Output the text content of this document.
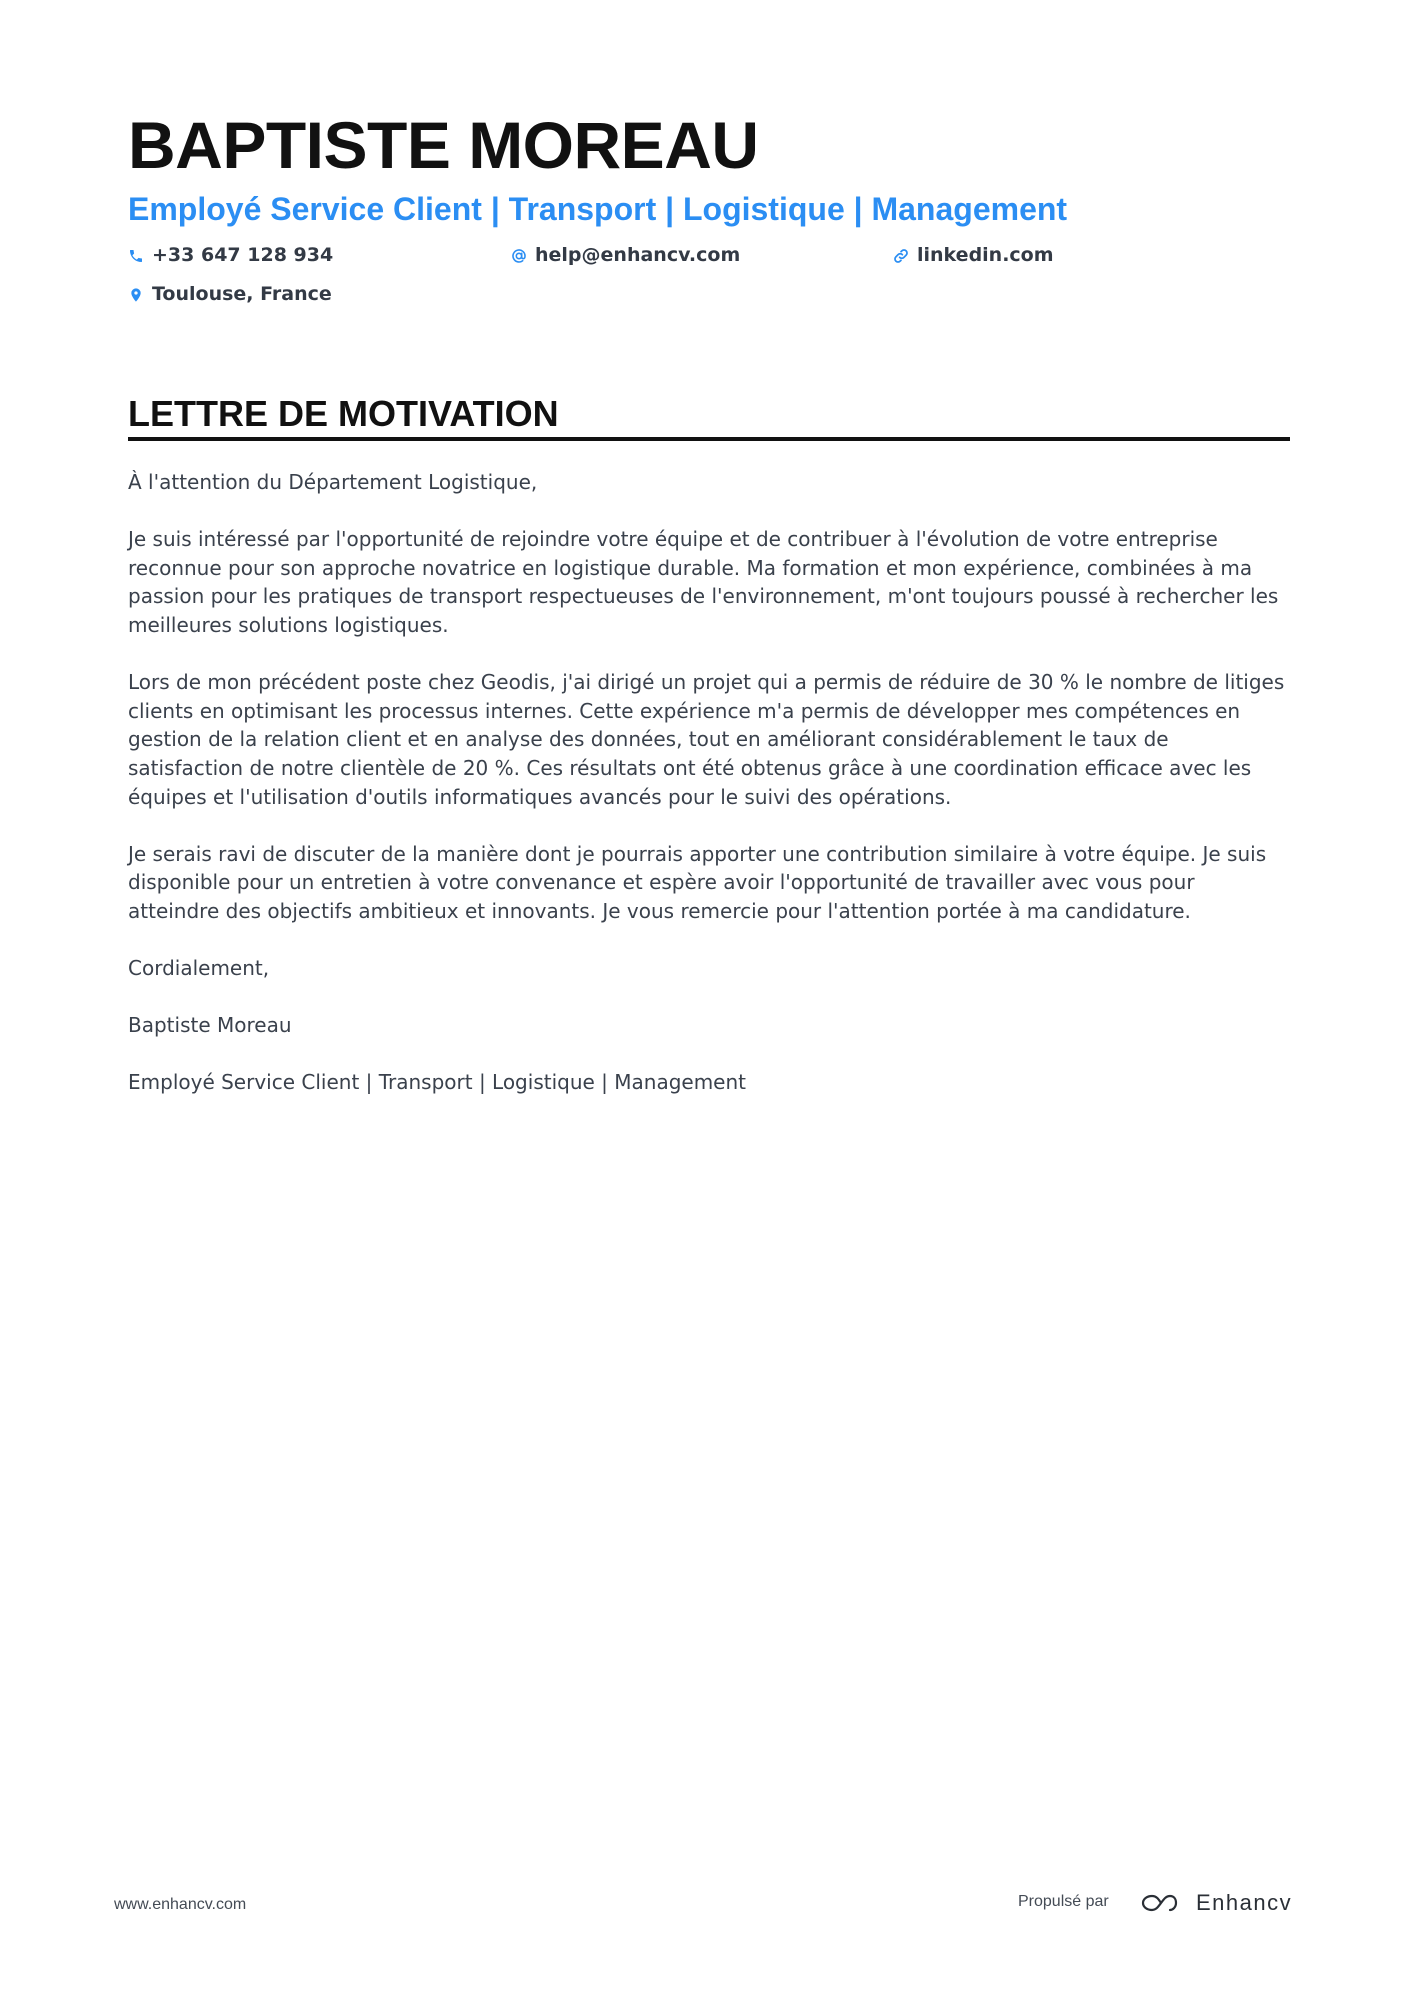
BAPTISTE MOREAU
Employé Service Client | Transport | Logistique | Management
+33 647 128 934	help@enhancv.com	linkedin.com
Toulouse, France
LETTRE DE MOTIVATION

À l'attention du Département Logistique,

Je suis intéressé par l'opportunité de rejoindre votre équipe et de contribuer à l'évolution de votre entreprise reconnue pour son approche novatrice en logistique durable. Ma formation et mon expérience, combinées à ma passion pour les pratiques de transport respectueuses de l'environnement, m'ont toujours poussé à rechercher les meilleures solutions logistiques.

Lors de mon précédent poste chez Geodis, j'ai dirigé un projet qui a permis de réduire de 30 % le nombre de litiges clients en optimisant les processus internes. Cette expérience m'a permis de développer mes compétences en gestion de la relation client et en analyse des données, tout en améliorant considérablement le taux de satisfaction de notre clientèle de 20 %. Ces résultats ont été obtenus grâce à une coordination efficace avec les équipes et l'utilisation d'outils informatiques avancés pour le suivi des opérations.

Je serais ravi de discuter de la manière dont je pourrais apporter une contribution similaire à votre équipe. Je suis disponible pour un entretien à votre convenance et espère avoir l'opportunité de travailler avec vous pour atteindre des objectifs ambitieux et innovants. Je vous remercie pour l'attention portée à ma candidature.

Cordialement,

Baptiste Moreau

Employé Service Client | Transport | Logistique | Management

www.enhancv.com	Propulsé par	Enhancv
